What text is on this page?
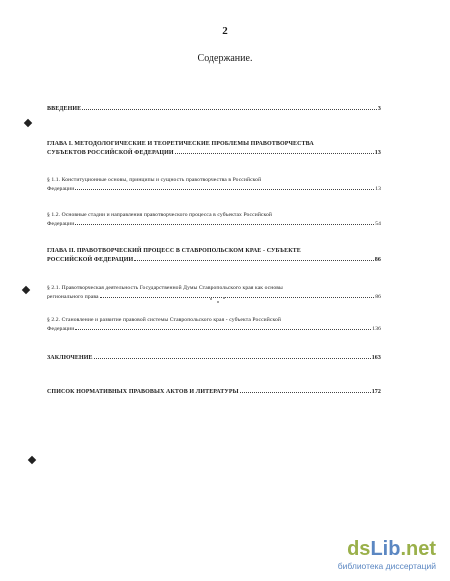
2
Содержание.
ВВЕДЕНИЕ	3
ГЛАВА I. МЕТОДОЛОГИЧЕСКИЕ И ТЕОРЕТИЧЕСКИЕ ПРОБЛЕМЫ ПРАВОТВОРЧЕСТВА
СУБЪЕКТОВ РОССИЙСКОЙ ФЕДЕРАЦИИ	13
§ 1.1. Конституционные основы, принципы и сущность правотворчества в Российской
Федерации	13
§ 1.2. Основные стадии и направления правотворческого процесса в субъектах Российской
Федерации	54
ГЛАВА II. ПРАВОТВОРЧЕСКИЙ ПРОЦЕСС В СТАВРОПОЛЬСКОМ КРАЕ - СУБЪЕКТЕ
РОССИЙСКОЙ ФЕДЕРАЦИИ	86
§ 2.1. Правотворческая деятельность Государственной Думы Ставропольского края как основы
регионального права	86
§ 2.2. Становление и развитие правовой системы Ставропольского края - субъекта Российской
Федерации	136
ЗАКЛЮЧЕНИЕ	163
СПИСОК НОРМАТИВНЫХ ПРАВОВЫХ АКТОВ И ЛИТЕРАТУРЫ	172
dsLib.net
библиотека диссертаций
